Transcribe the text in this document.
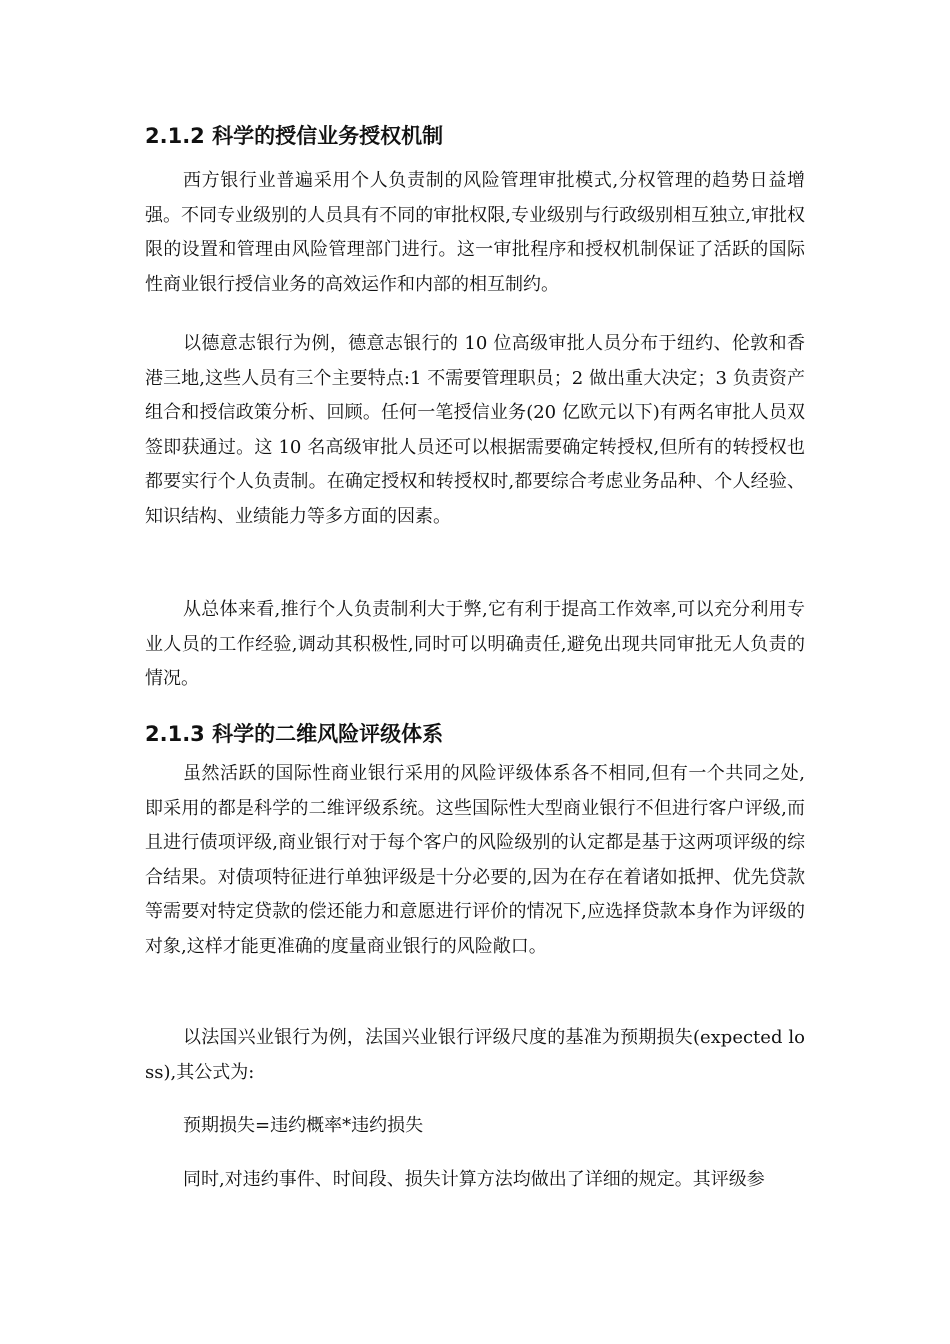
2.1.2 科学的授信业务授权机制

西方银行业普遍采用个人负责制的风险管理审批模式,分权管理的趋势日益增强。不同专业级别的人员具有不同的审批权限,专业级别与行政级别相互独立,审批权限的设置和管理由风险管理部门进行。这一审批程序和授权机制保证了活跃的国际性商业银行授信业务的高效运作和内部的相互制约。

以德意志银行为例，德意志银行的 10 位高级审批人员分布于纽约、伦敦和香港三地,这些人员有三个主要特点:1 不需要管理职员；2 做出重大决定；3 负责资产组合和授信政策分析、回顾。任何一笔授信业务(20 亿欧元以下)有两名审批人员双签即获通过。这 10 名高级审批人员还可以根据需要确定转授权,但所有的转授权也都要实行个人负责制。在确定授权和转授权时,都要综合考虑业务品种、个人经验、知识结构、业绩能力等多方面的因素。

从总体来看,推行个人负责制利大于弊,它有利于提高工作效率,可以充分利用专业人员的工作经验,调动其积极性,同时可以明确责任,避免出现共同审批无人负责的情况。

2.1.3 科学的二维风险评级体系

虽然活跃的国际性商业银行采用的风险评级体系各不相同,但有一个共同之处,即采用的都是科学的二维评级系统。这些国际性大型商业银行不但进行客户评级,而且进行债项评级,商业银行对于每个客户的风险级别的认定都是基于这两项评级的综合结果。对债项特征进行单独评级是十分必要的,因为在存在着诸如抵押、优先贷款等需要对特定贷款的偿还能力和意愿进行评价的情况下,应选择贷款本身作为评级的对象,这样才能更准确的度量商业银行的风险敞口。

以法国兴业银行为例，法国兴业银行评级尺度的基准为预期损失(expected loss),其公式为:

预期损失=违约概率*违约损失

同时,对违约事件、时间段、损失计算方法均做出了详细的规定。其评级参
